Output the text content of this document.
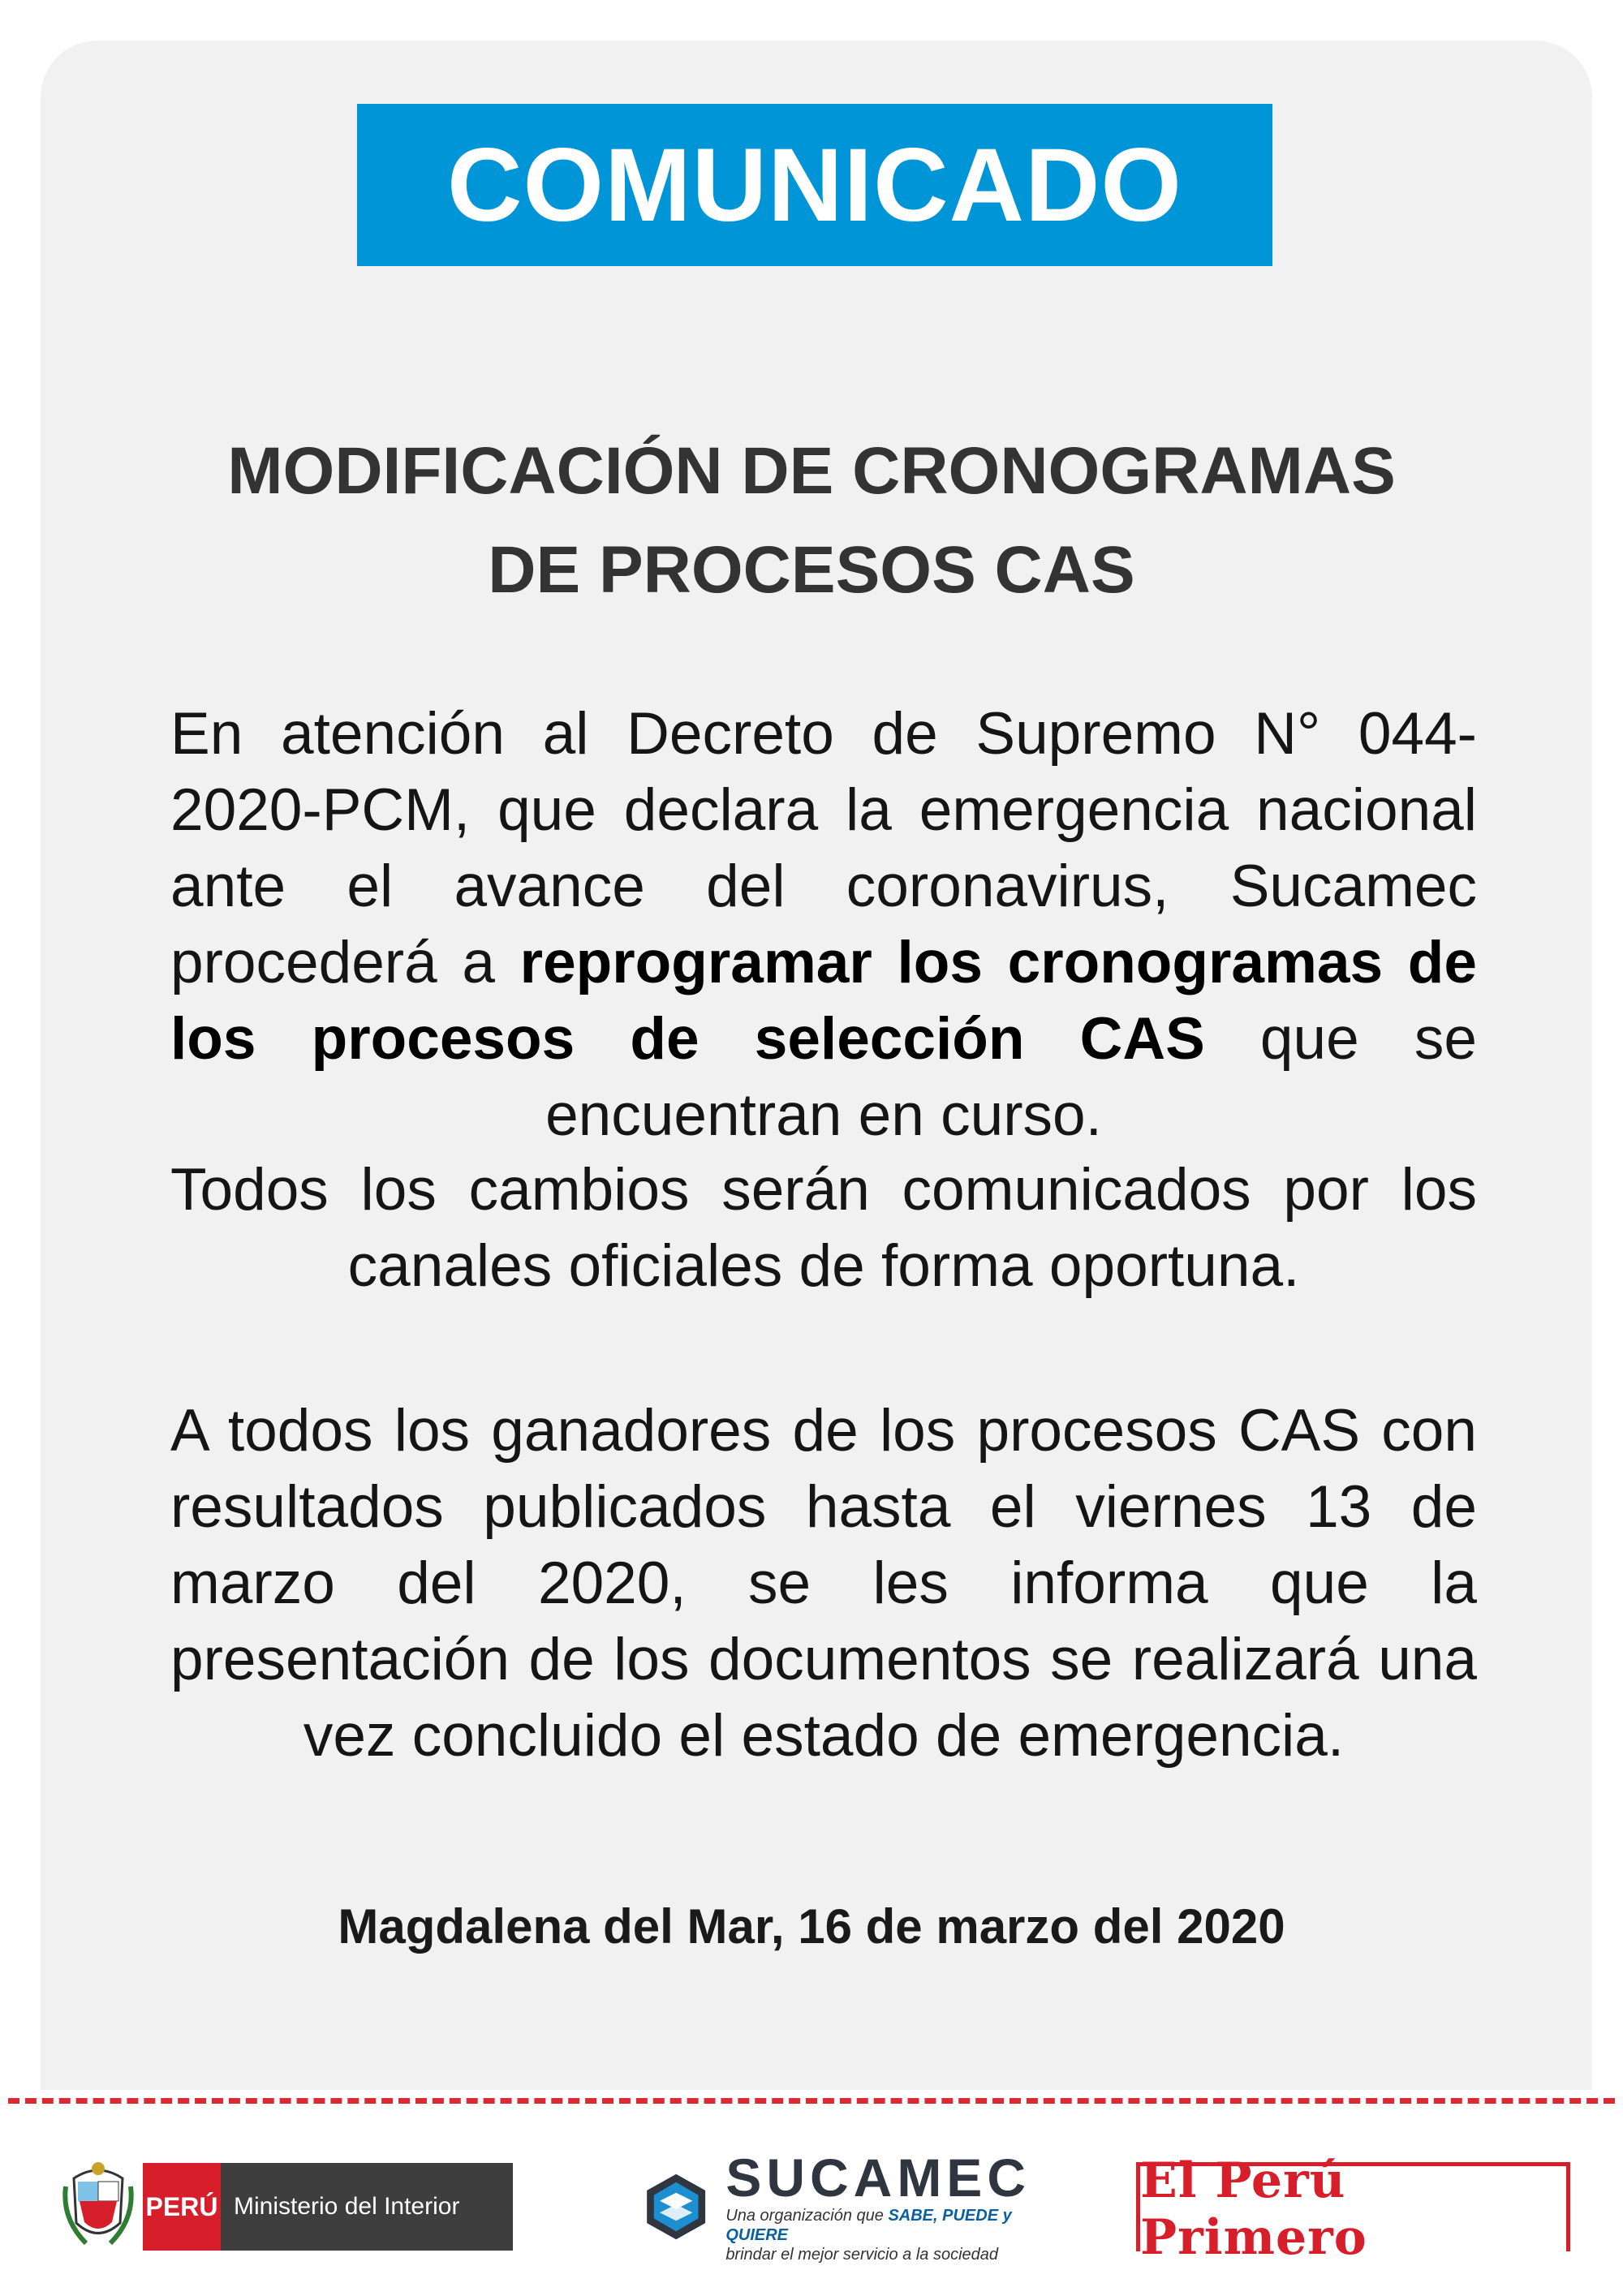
COMUNICADO
MODIFICACIÓN DE CRONOGRAMAS
DE PROCESOS CAS
En atención al Decreto de Supremo N° 044-2020-PCM, que declara la emergencia nacional ante el avance del coronavirus, Sucamec procederá a reprogramar los cronogramas de los procesos de selección CAS que se encuentran en curso.
Todos los cambios serán comunicados por los canales oficiales de forma oportuna.
A todos los ganadores de los procesos CAS con resultados publicados hasta el viernes 13 de marzo del 2020, se les informa que la presentación de los documentos se realizará una vez concluido el estado de emergencia.
Magdalena del Mar, 16 de marzo del 2020
PERÚ Ministerio del Interior	SUCAMEC
Una organización que SABE, PUEDE y QUIERE
brindar el mejor servicio a la sociedad
El Perú Primero
